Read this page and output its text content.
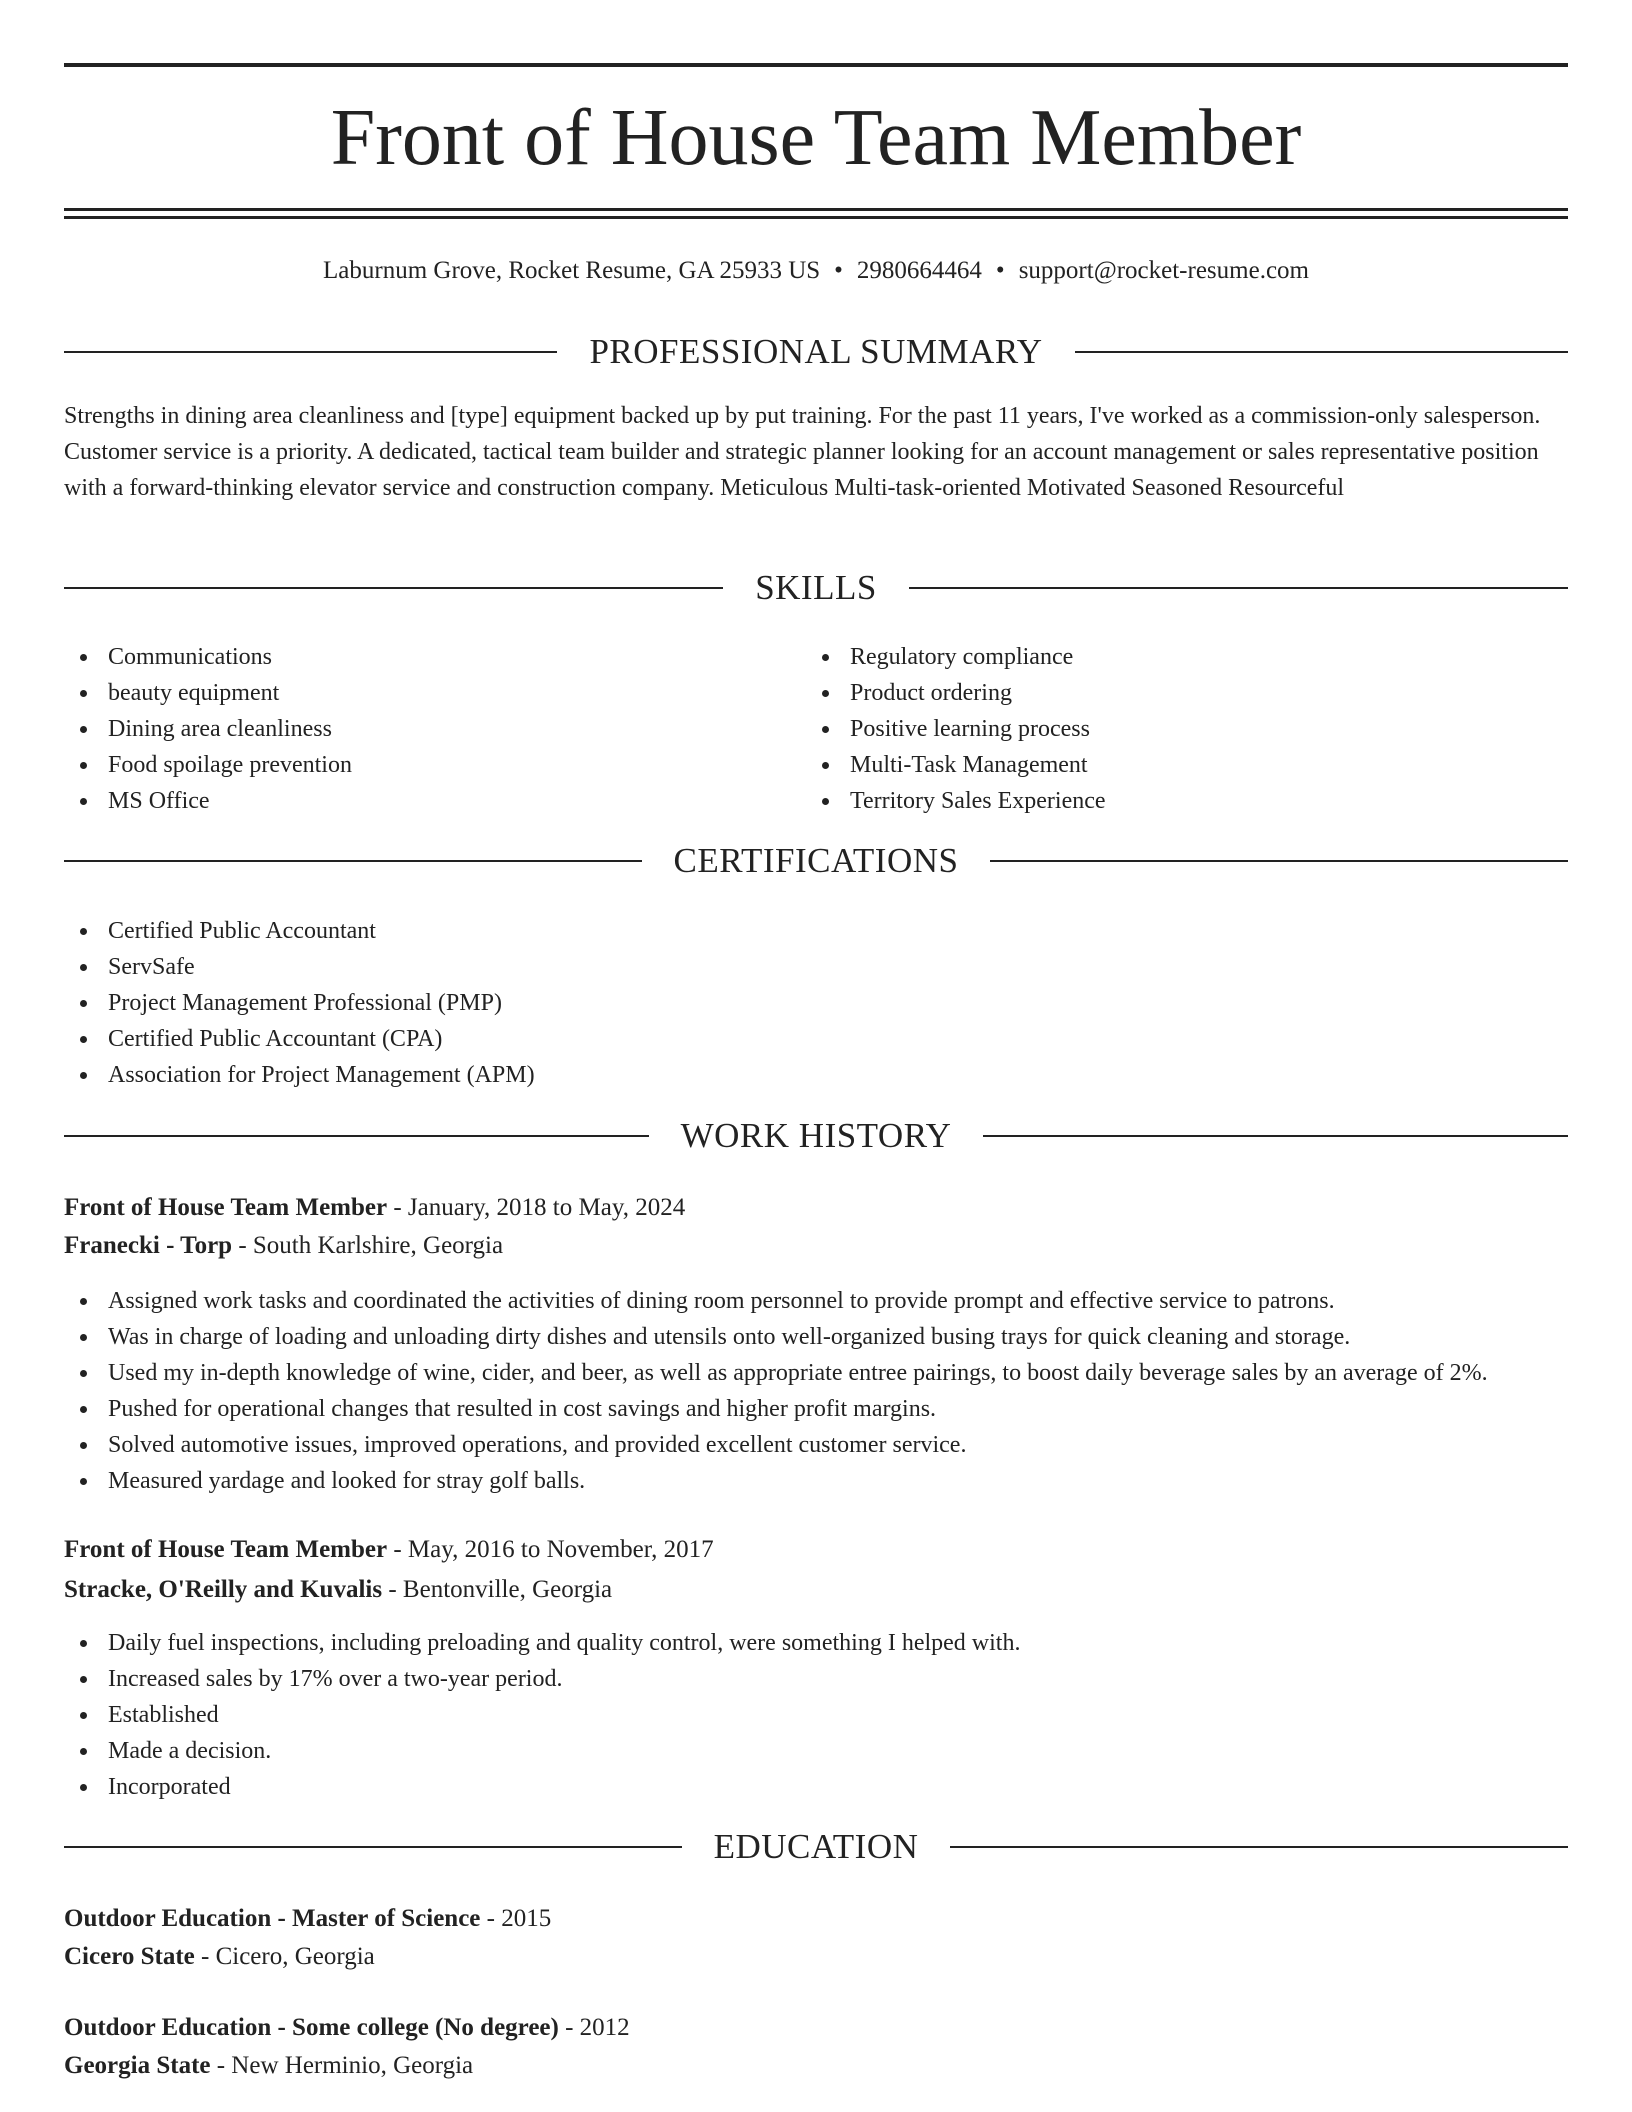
Front of House Team Member
Laburnum Grove, Rocket Resume, GA 25933 US • 2980664464 • support@rocket-resume.com
PROFESSIONAL SUMMARY

Strengths in dining area cleanliness and [type] equipment backed up by put training. For the past 11 years, I've worked as a commission-only salesperson. Customer service is a priority. A dedicated, tactical team builder and strategic planner looking for an account management or sales representative position with a forward-thinking elevator service and construction company. Meticulous Multi-task-oriented Motivated Seasoned Resourceful

SKILLS
Communications
beauty equipment
Dining area cleanliness
Food spoilage prevention
MS Office
Regulatory compliance
Product ordering
Positive learning process
Multi-Task Management
Territory Sales Experience
CERTIFICATIONS
Certified Public Accountant
ServSafe
Project Management Professional (PMP)
Certified Public Accountant (CPA)
Association for Project Management (APM)
WORK HISTORY
Front of House Team Member - January, 2018 to May, 2024
Franecki - Torp - South Karlshire, Georgia
Assigned work tasks and coordinated the activities of dining room personnel to provide prompt and effective service to patrons.
Was in charge of loading and unloading dirty dishes and utensils onto well-organized busing trays for quick cleaning and storage.
Used my in-depth knowledge of wine, cider, and beer, as well as appropriate entree pairings, to boost daily beverage sales by an average of 2%.
Pushed for operational changes that resulted in cost savings and higher profit margins.
Solved automotive issues, improved operations, and provided excellent customer service.
Measured yardage and looked for stray golf balls.
Front of House Team Member - May, 2016 to November, 2017
Stracke, O'Reilly and Kuvalis - Bentonville, Georgia
Daily fuel inspections, including preloading and quality control, were something I helped with.
Increased sales by 17% over a two-year period.
Established
Made a decision.
Incorporated
EDUCATION
Outdoor Education - Master of Science - 2015
Cicero State - Cicero, Georgia
Outdoor Education - Some college (No degree) - 2012
Georgia State - New Herminio, Georgia
